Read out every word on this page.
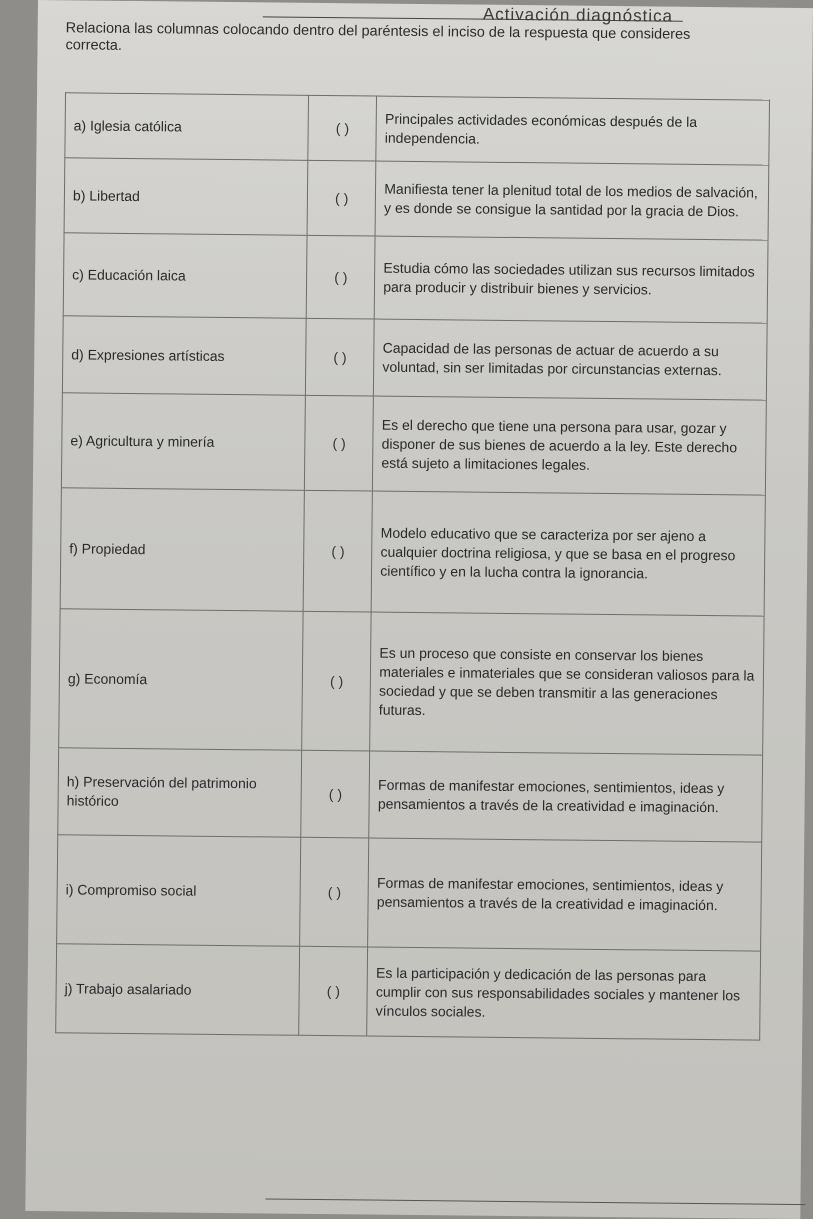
Activación diagnóstica
Relaciona las columnas colocando dentro del paréntesis el inciso de la respuesta que consideres correcta.
a) Iglesia católica	( )	Principales actividades económicas después de la independencia.
b) Libertad	( )	Manifiesta tener la plenitud total de los medios de salvación, y es donde se consigue la santidad por la gracia de Dios.
c) Educación laica	( )	Estudia cómo las sociedades utilizan sus recursos limitados para producir y distribuir bienes y servicios.
d) Expresiones artísticas	( )	Capacidad de las personas de actuar de acuerdo a su voluntad, sin ser limitadas por circunstancias externas.
e) Agricultura y minería	( )	Es el derecho que tiene una persona para usar, gozar y disponer de sus bienes de acuerdo a la ley. Este derecho está sujeto a limitaciones legales.
f) Propiedad	( )	Modelo educativo que se caracteriza por ser ajeno a cualquier doctrina religiosa, y que se basa en el progreso científico y en la lucha contra la ignorancia.
g) Economía	( )	Es un proceso que consiste en conservar los bienes materiales e inmateriales que se consideran valiosos para la sociedad y que se deben transmitir a las generaciones futuras.
h) Preservación del patrimonio histórico	( )	Formas de manifestar emociones, sentimientos, ideas y pensamientos a través de la creatividad e imaginación.
i) Compromiso social	( )	Formas de manifestar emociones, sentimientos, ideas y pensamientos a través de la creatividad e imaginación.
j) Trabajo asalariado	( )	Es la participación y dedicación de las personas para cumplir con sus responsabilidades sociales y mantener los vínculos sociales.
